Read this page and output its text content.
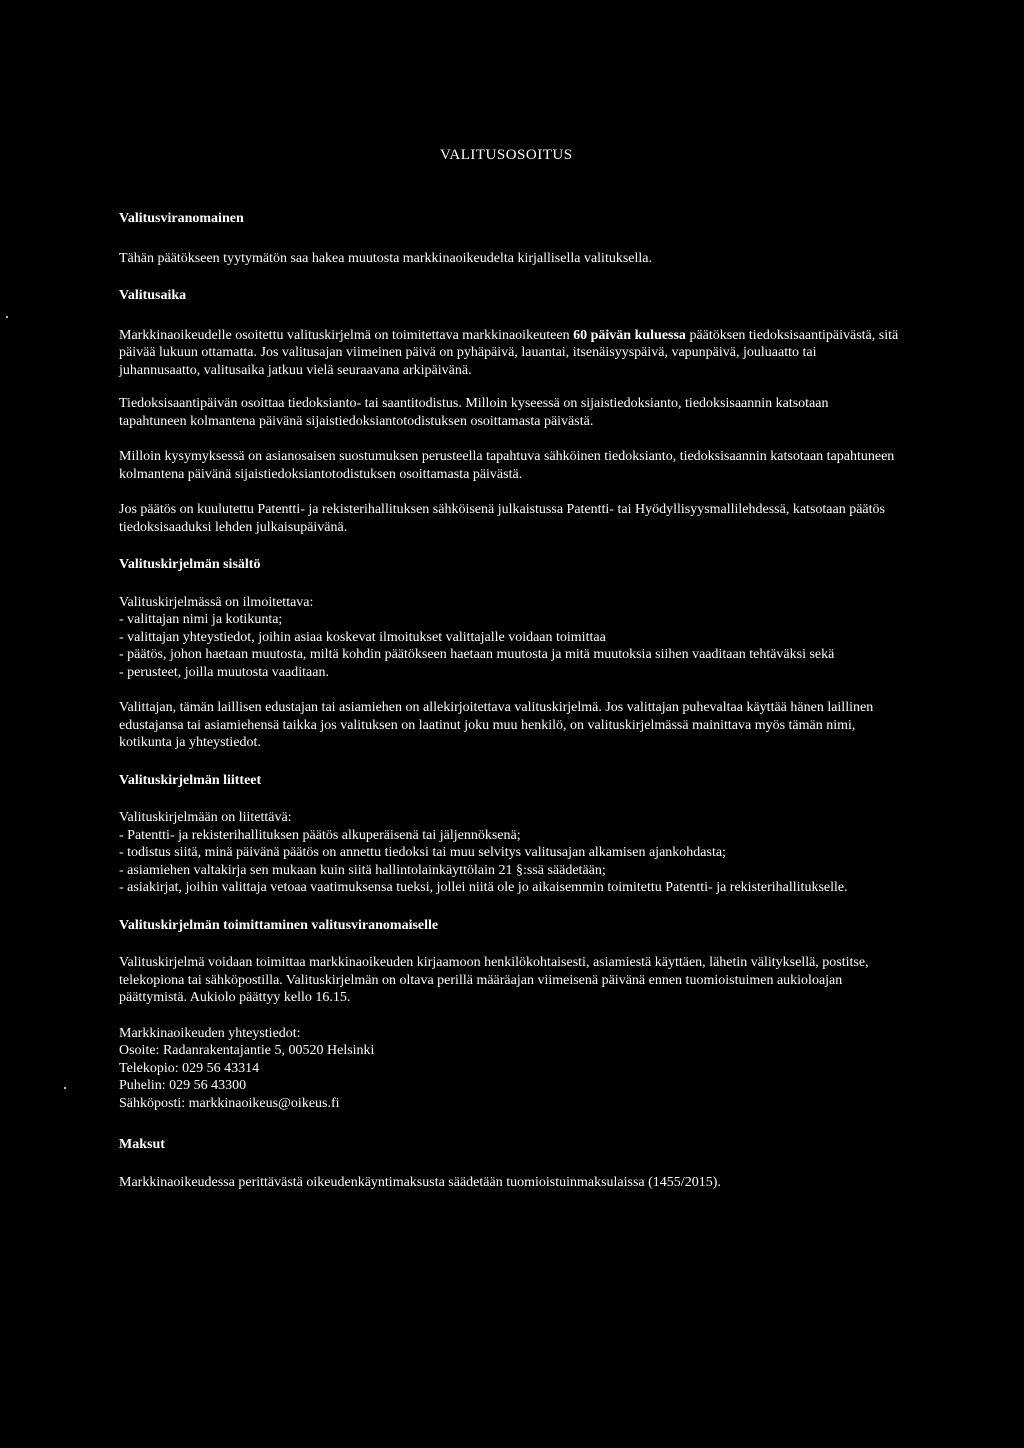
VALITUSOSOITUS
Valitusviranomainen

Tähän päätökseen tyytymätön saa hakea muutosta markkinaoikeudelta kirjallisella valituksella.

Valitusaika

Markkinaoikeudelle osoitettu valituskirjelmä on toimitettava markkinaoikeuteen 60 päivän kuluessa päätöksen tiedoksisaantipäivästä, sitä päivää lukuun ottamatta. Jos valitusajan viimeinen päivä on pyhäpäivä, lauantai, itsenäisyyspäivä, vapunpäivä, jouluaatto tai juhannusaatto, valitusaika jatkuu vielä seuraavana arkipäivänä.

Tiedoksisaantipäivän osoittaa tiedoksianto- tai saantitodistus. Milloin kyseessä on sijaistiedoksianto, tiedoksisaannin katsotaan tapahtuneen kolmantena päivänä sijaistiedoksiantotodistuksen osoittamasta päivästä.

Milloin kysymyksessä on asianosaisen suostumuksen perusteella tapahtuva sähköinen tiedoksianto, tiedoksisaannin katsotaan tapahtuneen kolmantena päivänä sijaistiedoksiantotodistuksen osoittamasta päivästä.

Jos päätös on kuulutettu Patentti- ja rekisterihallituksen sähköisenä julkaistussa Patentti- tai Hyödyllisyysmallilehdessä, katsotaan päätös tiedoksisaaduksi lehden julkaisupäivänä.

Valituskirjelmän sisältö

Valituskirjelmässä on ilmoitettava:

- valittajan nimi ja kotikunta;
- valittajan yhteystiedot, joihin asiaa koskevat ilmoitukset valittajalle voidaan toimittaa
- päätös, johon haetaan muutosta, miltä kohdin päätökseen haetaan muutosta ja mitä muutoksia siihen vaaditaan tehtäväksi sekä
- perusteet, joilla muutosta vaaditaan.

Valittajan, tämän laillisen edustajan tai asiamiehen on allekirjoitettava valituskirjelmä. Jos valittajan puhevaltaa käyttää hänen laillinen edustajansa tai asiamiehensä taikka jos valituksen on laatinut joku muu henkilö, on valituskirjelmässä mainittava myös tämän nimi, kotikunta ja yhteystiedot.

Valituskirjelmän liitteet

Valituskirjelmään on liitettävä:

- Patentti- ja rekisterihallituksen päätös alkuperäisenä tai jäljennöksenä;
- todistus siitä, minä päivänä päätös on annettu tiedoksi tai muu selvitys valitusajan alkamisen ajankohdasta;
- asiamiehen valtakirja sen mukaan kuin siitä hallintolainkäyttölain 21 §:ssä säädetään;
- asiakirjat, joihin valittaja vetoaa vaatimuksensa tueksi, jollei niitä ole jo aikaisemmin toimitettu Patentti- ja rekisterihallitukselle.
Valituskirjelmän toimittaminen valitusviranomaiselle

Valituskirjelmä voidaan toimittaa markkinaoikeuden kirjaamoon henkilökohtaisesti, asiamiestä käyttäen, lähetin välityksellä, postitse, telekopiona tai sähköpostilla. Valituskirjelmän on oltava perillä määräajan viimeisenä päivänä ennen tuomioistuimen aukioloajan päättymistä. Aukiolo päättyy kello 16.15.

Markkinaoikeuden yhteystiedot:

Osoite: Radanrakentajantie 5, 00520 Helsinki

Telekopio: 029 56 43314

Puhelin: 029 56 43300

Sähköposti: markkinaoikeus@oikeus.fi

Maksut

Markkinaoikeudessa perittävästä oikeudenkäyntimaksusta säädetään tuomioistuinmaksulaissa (1455/2015).
